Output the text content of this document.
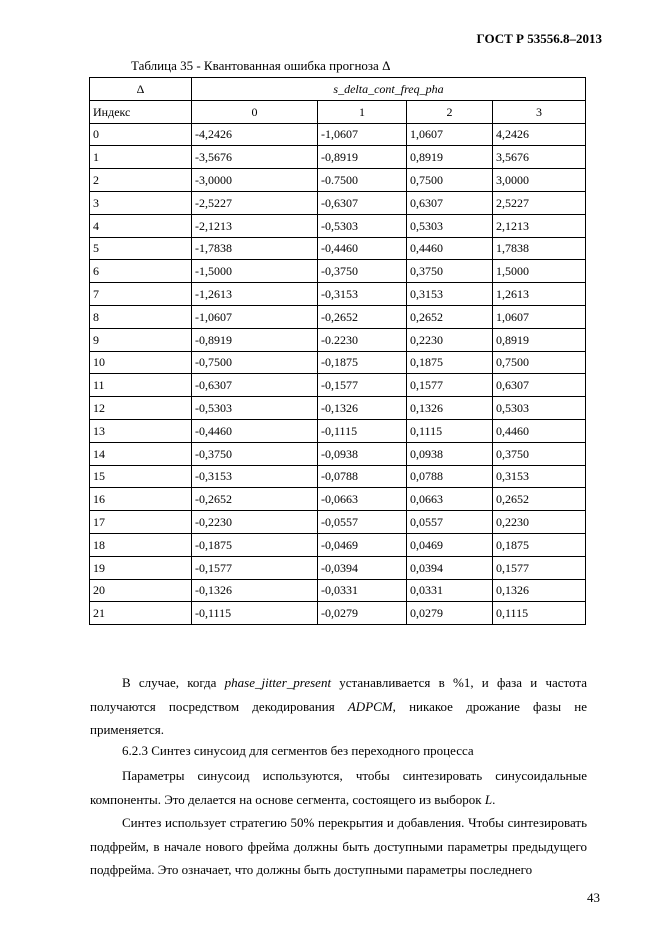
ГОСТ Р 53556.8–2013
Таблица 35 - Квантованная ошибка прогноза Δ
Δ	s_delta_cont_freq_pha			
Индекс	0	1	2	3
0	-4,2426	-1,0607	1,0607	4,2426
1	-3,5676	-0,8919	0,8919	3,5676
2	-3,0000	-0.7500	0,7500	3,0000
3	-2,5227	-0,6307	0,6307	2,5227
4	-2,1213	-0,5303	0,5303	2,1213
5	-1,7838	-0,4460	0,4460	1,7838
6	-1,5000	-0,3750	0,3750	1,5000
7	-1,2613	-0,3153	0,3153	1,2613
8	-1,0607	-0,2652	0,2652	1,0607
9	-0,8919	-0.2230	0,2230	0,8919
10	-0,7500	-0,1875	0,1875	0,7500
11	-0,6307	-0,1577	0,1577	0,6307
12	-0,5303	-0,1326	0,1326	0,5303
13	-0,4460	-0,1115	0,1115	0,4460
14	-0,3750	-0,0938	0,0938	0,3750
15	-0,3153	-0,0788	0,0788	0,3153
16	-0,2652	-0,0663	0,0663	0,2652
17	-0,2230	-0,0557	0,0557	0,2230
18	-0,1875	-0,0469	0,0469	0,1875
19	-0,1577	-0,0394	0,0394	0,1577
20	-0,1326	-0,0331	0,0331	0,1326
21	-0,1115	-0,0279	0,0279	0,1115
В случае, когда phase_jitter_present устанавливается в %1, и фаза и частота получаются посредством декодирования ADPCM, никакое дрожание фазы не применяется.
6.2.3 Синтез синусоид для сегментов без переходного процесса
Параметры синусоид используются, чтобы синтезировать синусоидальные компоненты. Это делается на основе сегмента, состоящего из выборок L.
Синтез использует стратегию 50% перекрытия и добавления. Чтобы синтезировать подфрейм, в начале нового фрейма должны быть доступными параметры предыдущего подфрейма. Это означает, что должны быть доступными параметры последнего
43
